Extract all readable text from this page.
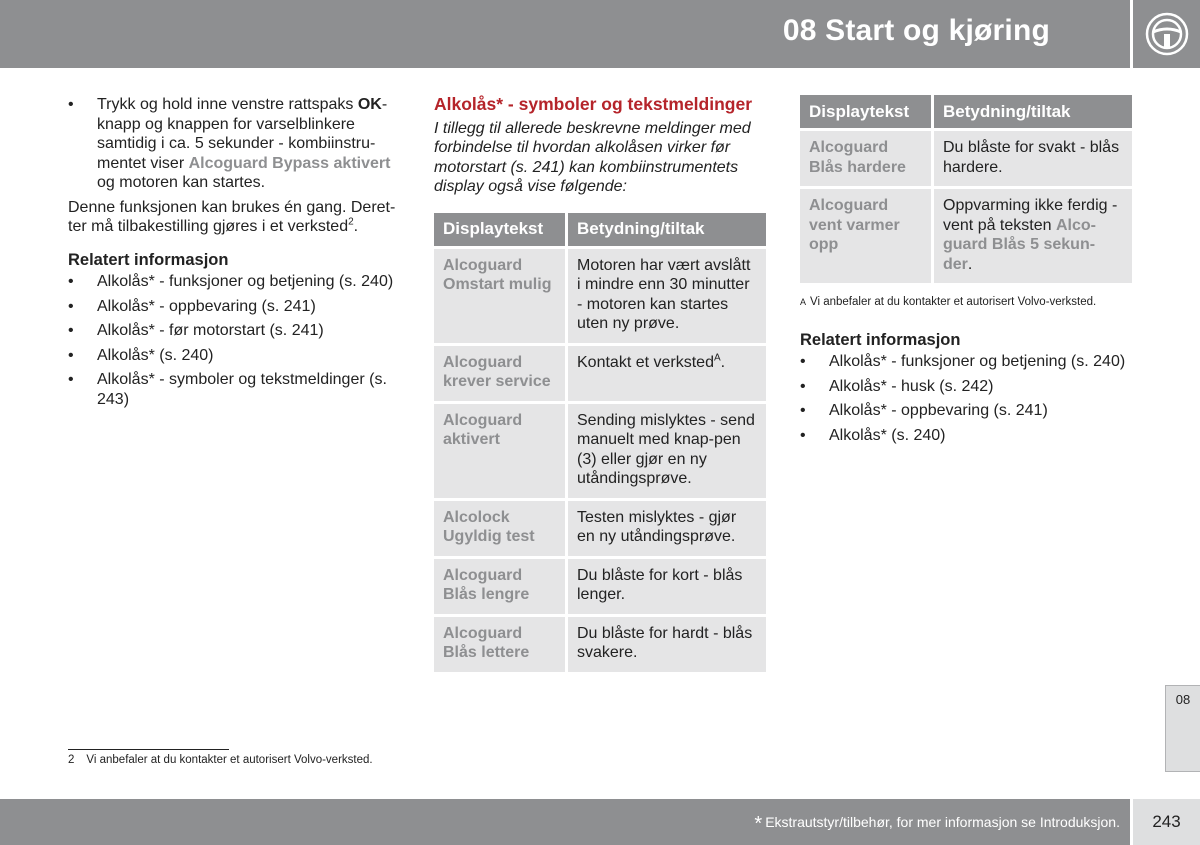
08 Start og kjøring
• Trykk og hold inne venstre rattspaks OK-knapp og knappen for varselblinkere samtidig i ca. 5 sekunder - kombiinstru-mentet viser Alcoguard Bypass aktivert og motoren kan startes.

Denne funksjonen kan brukes én gang. Deret-ter må tilbakestilling gjøres i et verksted$^2$.

Relatert informasjon
• Alkolås* - funksjoner og betjening (s. 240)
• Alkolås* - oppbevaring (s. 241)
• Alkolås* - før motorstart (s. 241)
• Alkolås* (s. 240)
• Alkolås* - symboler og tekstmeldinger (s. 243)
Alkolås* - symboler og tekstmeldinger
I tillegg til allerede beskrevne meldinger med forbindelse til hvordan alkolåsen virker før motorstart (s. 241) kan kombiinstrumentets display også vise følgende:
Displaytekst	Betydning/tiltak
Alcoguard Omstart mulig	Motoren har vært avslått i mindre enn 30 minutter - motoren kan startes uten ny prøve.
Alcoguard krever service	Kontakt et verksted$^A$.
Alcoguard aktivert	Sending mislyktes - send manuelt med knap-pen (3) eller gjør en ny utåndingsprøve.
Alcolock Ugyldig test	Testen mislyktes - gjør en ny utåndingsprøve.
Alcoguard Blås lengre	Du blåste for kort - blås lenger.
Alcoguard Blås lettere	Du blåste for hardt - blås svakere.
Displaytekst	Betydning/tiltak
Alcoguard Blås hardere	Du blåste for svakt - blås hardere.
Alcoguard vent varmer opp	Oppvarming ikke ferdig - vent på teksten Alco-guard Blås 5 sekun-der.
A Vi anbefaler at du kontakter et autorisert Volvo-verksted.
Relatert informasjon
• Alkolås* - funksjoner og betjening (s. 240)
• Alkolås* - husk (s. 242)
• Alkolås* - oppbevaring (s. 241)
• Alkolås* (s. 240)
2 Vi anbefaler at du kontakter et autorisert Volvo-verksted.
08
* Ekstrautstyr/tilbehør, for mer informasjon se Introduksjon.	243
